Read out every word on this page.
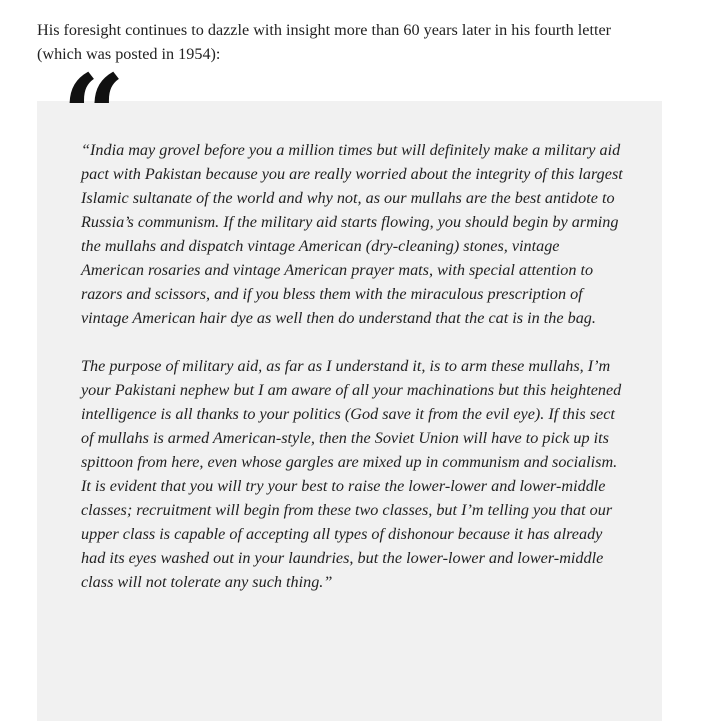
His foresight continues to dazzle with insight more than 60 years later in his fourth letter (which was posted in 1954):

“

“India may grovel before you a million times but will definitely make a military aid pact with Pakistan because you are really worried about the integrity of this largest Islamic sultanate of the world and why not, as our mullahs are the best antidote to Russia’s communism. If the military aid starts flowing, you should begin by arming the mullahs and dispatch vintage American (dry-cleaning) stones, vintage American rosaries and vintage American prayer mats, with special attention to razors and scissors, and if you bless them with the miraculous prescription of vintage American hair dye as well then do understand that the cat is in the bag.

The purpose of military aid, as far as I understand it, is to arm these mullahs, I’m your Pakistani nephew but I am aware of all your machinations but this heightened intelligence is all thanks to your politics (God save it from the evil eye). If this sect of mullahs is armed American-style, then the Soviet Union will have to pick up its spittoon from here, even whose gargles are mixed up in communism and socialism. It is evident that you will try your best to raise the lower-lower and lower-middle classes; recruitment will begin from these two classes, but I’m telling you that our upper class is capable of accepting all types of dishonour because it has already had its eyes washed out in your laundries, but the lower-lower and lower-middle class will not tolerate any such thing.”
